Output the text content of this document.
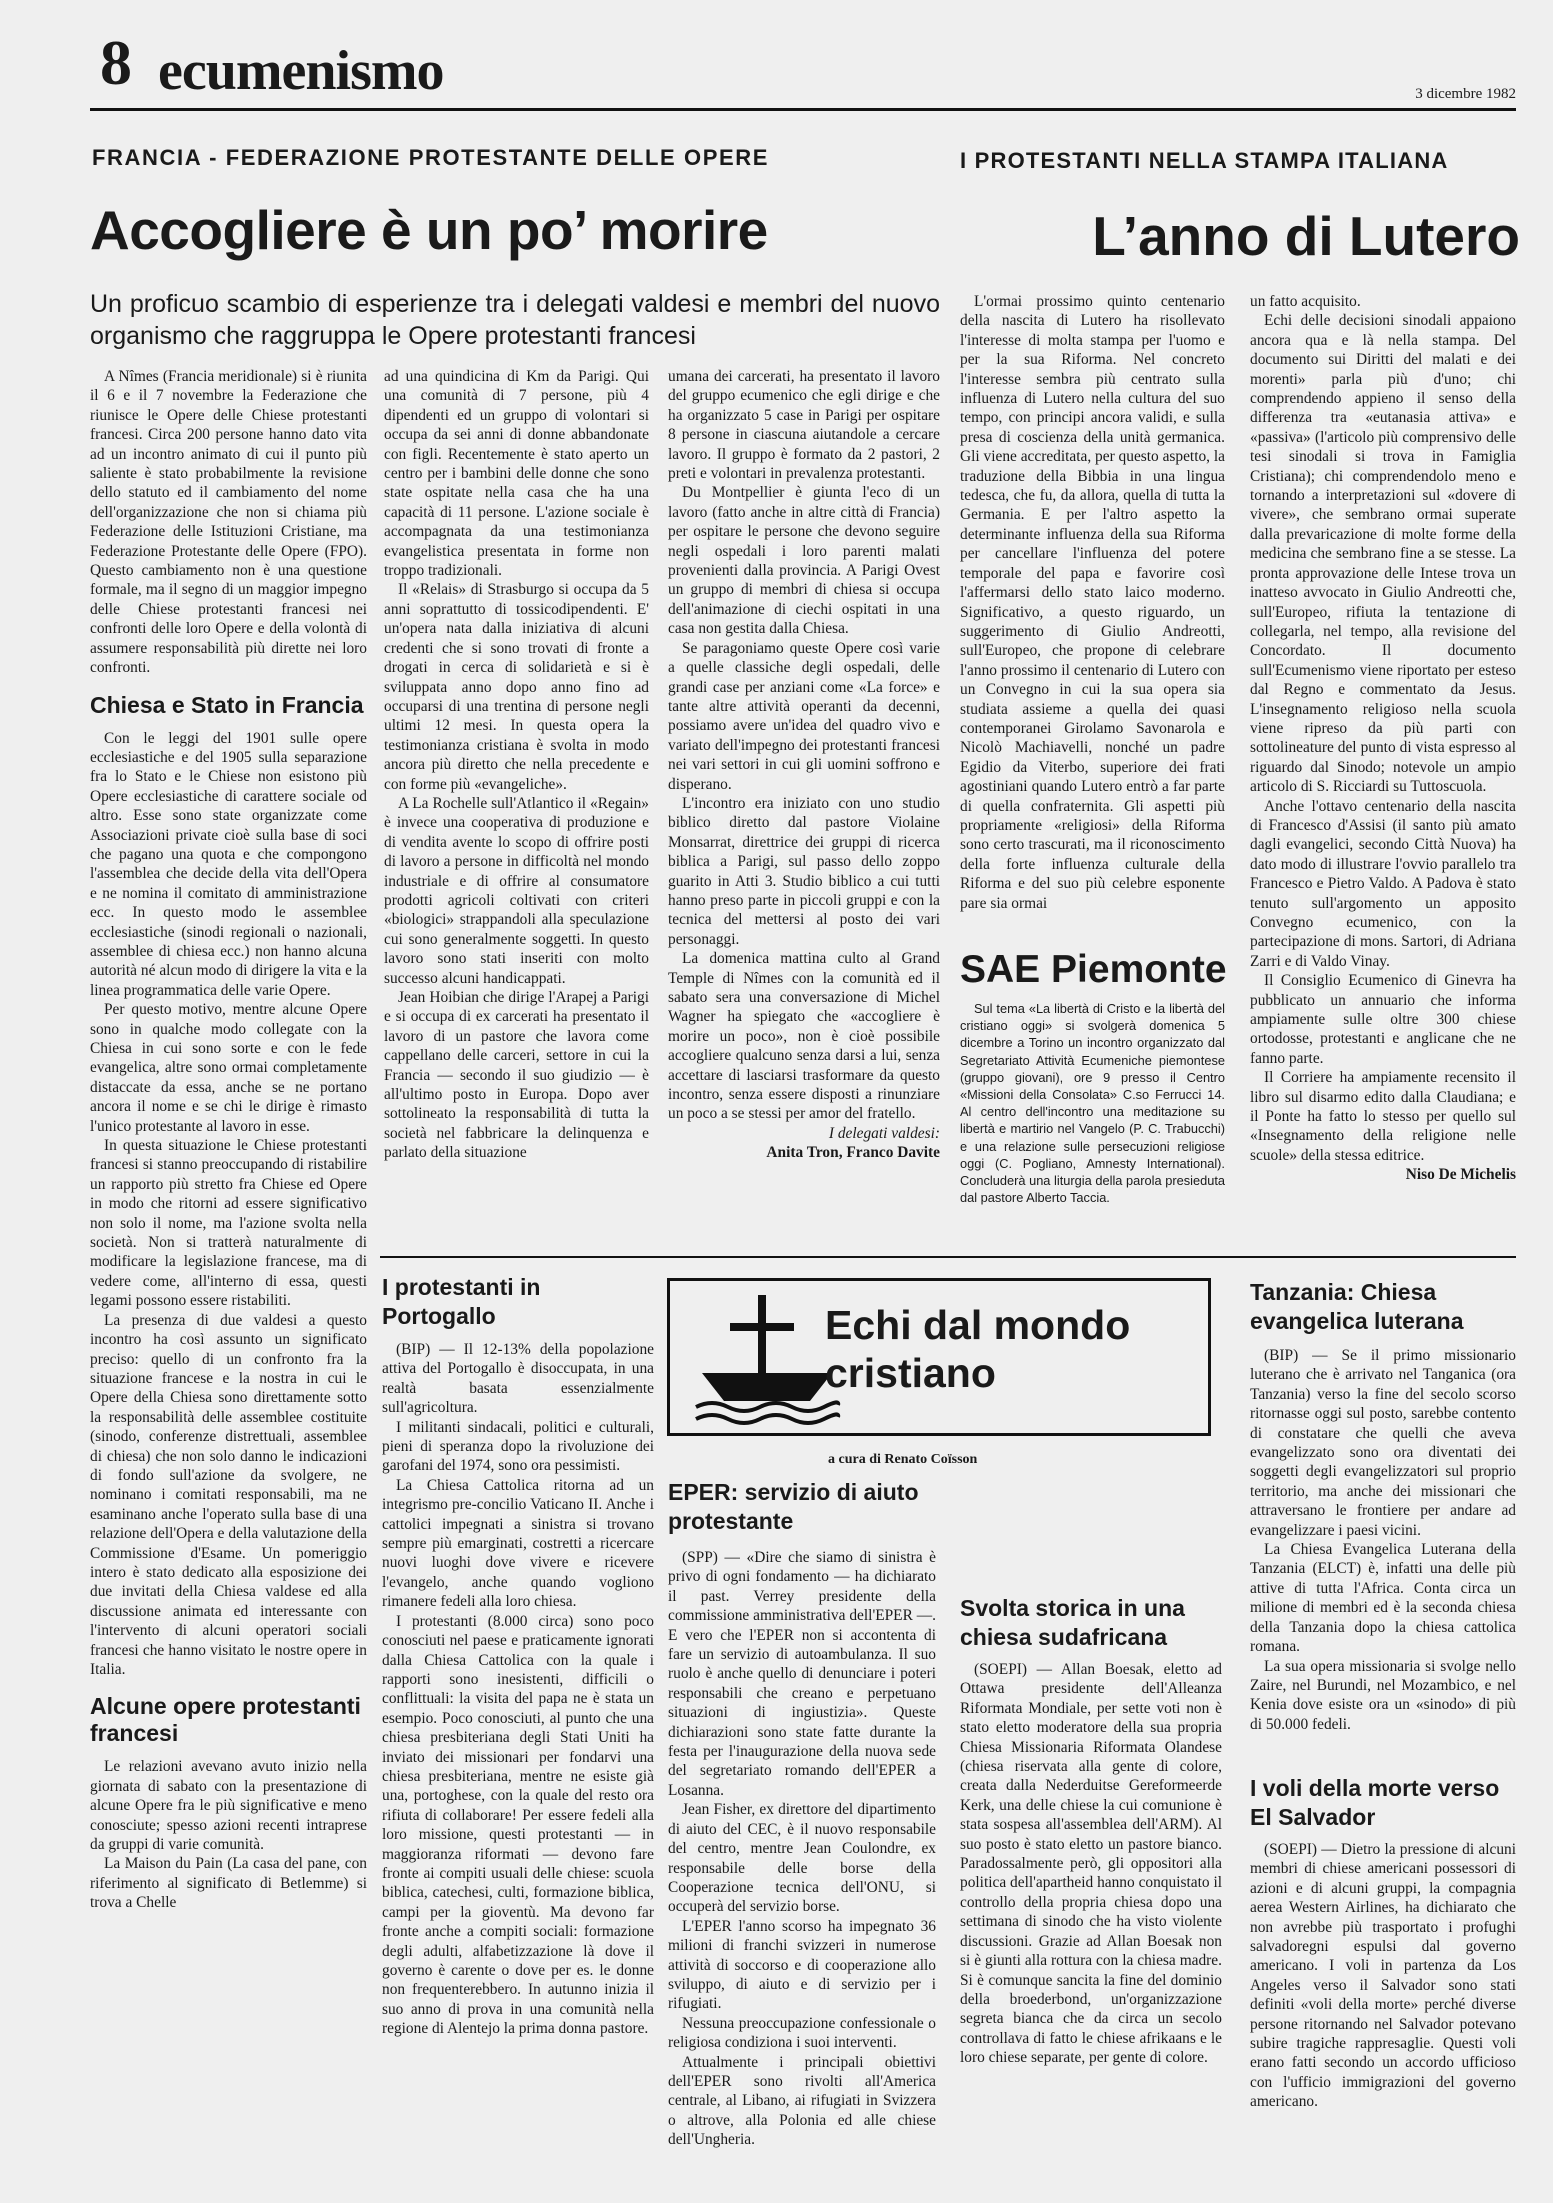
8 ecumenismo	3 dicembre 1982
FRANCIA - FEDERAZIONE PROTESTANTE DELLE OPERE
Accogliere è un po’ morire
Un proficuo scambio di esperienze tra i delegati valdesi e membri del nuovo organismo che raggruppa le Opere protestanti francesi
I PROTESTANTI NELLA STAMPA ITALIANA
L’anno di Lutero

A Nîmes (Francia meridionale) si è riunita il 6 e il 7 novembre la Federazione che riunisce le Opere delle Chiese protestanti francesi. Circa 200 persone hanno dato vita ad un incontro animato di cui il punto più saliente è stato probabilmente la revisione dello statuto ed il cambiamento del nome dell'organizzazione che non si chiama più Federazione delle Istituzioni Cristiane, ma Federazione Protestante delle Opere (FPO). Questo cambiamento non è una questione formale, ma il segno di un maggior impegno delle Chiese protestanti francesi nei confronti delle loro Opere e della volontà di assumere responsabilità più dirette nei loro confronti.

Chiesa e Stato in Francia

Con le leggi del 1901 sulle opere ecclesiastiche e del 1905 sulla separazione fra lo Stato e le Chiese non esistono più Opere ecclesiastiche di carattere sociale od altro. Esse sono state organizzate come Associazioni private cioè sulla base di soci che pagano una quota e che compongono l'assemblea che decide della vita dell'Opera e ne nomina il comitato di amministrazione ecc. In questo modo le assemblee ecclesiastiche (sinodi regionali o nazionali, assemblee di chiesa ecc.) non hanno alcuna autorità né alcun modo di dirigere la vita e la linea programmatica delle varie Opere.

Per questo motivo, mentre alcune Opere sono in qualche modo collegate con la Chiesa in cui sono sorte e con le fede evangelica, altre sono ormai completamente distaccate da essa, anche se ne portano ancora il nome e se chi le dirige è rimasto l'unico protestante al lavoro in esse.

In questa situazione le Chiese protestanti francesi si stanno preoccupando di ristabilire un rapporto più stretto fra Chiese ed Opere in modo che ritorni ad essere significativo non solo il nome, ma l'azione svolta nella società. Non si tratterà naturalmente di modificare la legislazione francese, ma di vedere come, all'interno di essa, questi legami possono essere ristabiliti.

La presenza di due valdesi a questo incontro ha così assunto un significato preciso: quello di un confronto fra la situazione francese e la nostra in cui le Opere della Chiesa sono direttamente sotto la responsabilità delle assemblee costituite (sinodo, conferenze distrettuali, assemblee di chiesa) che non solo danno le indicazioni di fondo sull'azione da svolgere, ne nominano i comitati responsabili, ma ne esaminano anche l'operato sulla base di una relazione dell'Opera e della valutazione della Commissione d'Esame. Un pomeriggio intero è stato dedicato alla esposizione dei due invitati della Chiesa valdese ed alla discussione animata ed interessante con l'intervento di alcuni operatori sociali francesi che hanno visitato le nostre opere in Italia.

Alcune opere protestanti francesi

Le relazioni avevano avuto inizio nella giornata di sabato con la presentazione di alcune Opere fra le più significative e meno conosciute; spesso azioni recenti intraprese da gruppi di varie comunità.

La Maison du Pain (La casa del pane, con riferimento al significato di Betlemme) si trova a Chelle

ad una quindicina di Km da Parigi. Qui una comunità di 7 persone, più 4 dipendenti ed un gruppo di volontari si occupa da sei anni di donne abbandonate con figli. Recentemente è stato aperto un centro per i bambini delle donne che sono state ospitate nella casa che ha una capacità di 11 persone. L'azione sociale è accompagnata da una testimonianza evangelistica presentata in forme non troppo tradizionali.

Il «Relais» di Strasburgo si occupa da 5 anni soprattutto di tossicodipendenti. E' un'opera nata dalla iniziativa di alcuni credenti che si sono trovati di fronte a drogati in cerca di solidarietà e si è sviluppata anno dopo anno fino ad occuparsi di una trentina di persone negli ultimi 12 mesi. In questa opera la testimonianza cristiana è svolta in modo ancora più diretto che nella precedente e con forme più «evangeliche».

A La Rochelle sull'Atlantico il «Regain» è invece una cooperativa di produzione e di vendita avente lo scopo di offrire posti di lavoro a persone in difficoltà nel mondo industriale e di offrire al consumatore prodotti agricoli coltivati con criteri «biologici» strappandoli alla speculazione cui sono generalmente soggetti. In questo lavoro sono stati inseriti con molto successo alcuni handicappati.

Jean Hoibian che dirige l'Arapej a Parigi e si occupa di ex carcerati ha presentato il lavoro di un pastore che lavora come cappellano delle carceri, settore in cui la Francia — secondo il suo giudizio — è all'ultimo posto in Europa. Dopo aver sottolineato la responsabilità di tutta la società nel fabbricare la delinquenza e parlato della situazione

umana dei carcerati, ha presentato il lavoro del gruppo ecumenico che egli dirige e che ha organizzato 5 case in Parigi per ospitare 8 persone in ciascuna aiutandole a cercare lavoro. Il gruppo è formato da 2 pastori, 2 preti e volontari in prevalenza protestanti.

Du Montpellier è giunta l'eco di un lavoro (fatto anche in altre città di Francia) per ospitare le persone che devono seguire negli ospedali i loro parenti malati provenienti dalla provincia. A Parigi Ovest un gruppo di membri di chiesa si occupa dell'animazione di ciechi ospitati in una casa non gestita dalla Chiesa.

Se paragoniamo queste Opere così varie a quelle classiche degli ospedali, delle grandi case per anziani come «La force» e tante altre attività operanti da decenni, possiamo avere un'idea del quadro vivo e variato dell'impegno dei protestanti francesi nei vari settori in cui gli uomini soffrono e disperano.

L'incontro era iniziato con uno studio biblico diretto dal pastore Violaine Monsarrat, direttrice dei gruppi di ricerca biblica a Parigi, sul passo dello zoppo guarito in Atti 3. Studio biblico a cui tutti hanno preso parte in piccoli gruppi e con la tecnica del mettersi al posto dei vari personaggi.

La domenica mattina culto al Grand Temple di Nîmes con la comunità ed il sabato sera una conversazione di Michel Wagner ha spiegato che «accogliere è morire un poco», non è cioè possibile accogliere qualcuno senza darsi a lui, senza accettare di lasciarsi trasformare da questo incontro, senza essere disposti a rinunziare un poco a se stessi per amor del fratello.

I delegati valdesi:

Anita Tron, Franco Davite

L'ormai prossimo quinto centenario della nascita di Lutero ha risollevato l'interesse di molta stampa per l'uomo e per la sua Riforma. Nel concreto l'interesse sembra più centrato sulla influenza di Lutero nella cultura del suo tempo, con principi ancora validi, e sulla presa di coscienza della unità germanica. Gli viene accreditata, per questo aspetto, la traduzione della Bibbia in una lingua tedesca, che fu, da allora, quella di tutta la Germania. E per l'altro aspetto la determinante influenza della sua Riforma per cancellare l'influenza del potere temporale del papa e favorire così l'affermarsi dello stato laico moderno. Significativo, a questo riguardo, un suggerimento di Giulio Andreotti, sull'Europeo, che propone di celebrare l'anno prossimo il centenario di Lutero con un Convegno in cui la sua opera sia studiata assieme a quella dei quasi contemporanei Girolamo Savonarola e Nicolò Machiavelli, nonché un padre Egidio da Viterbo, superiore dei frati agostiniani quando Lutero entrò a far parte di quella confraternita. Gli aspetti più propriamente «religiosi» della Riforma sono certo trascurati, ma il riconoscimento della forte influenza culturale della Riforma e del suo più celebre esponente pare sia ormai

un fatto acquisito.

Echi delle decisioni sinodali appaiono ancora qua e là nella stampa. Del documento sui Diritti del malati e dei morenti» parla più d'uno; chi comprendendo appieno il senso della differenza tra «eutanasia attiva» e «passiva» (l'articolo più comprensivo delle tesi sinodali si trova in Famiglia Cristiana); chi comprendendolo meno e tornando a interpretazioni sul «dovere di vivere», che sembrano ormai superate dalla prevaricazione di molte forme della medicina che sembrano fine a se stesse. La pronta approvazione delle Intese trova un inatteso avvocato in Giulio Andreotti che, sull'Europeo, rifiuta la tentazione di collegarla, nel tempo, alla revisione del Concordato. Il documento sull'Ecumenismo viene riportato per esteso dal Regno e commentato da Jesus. L'insegnamento religioso nella scuola viene ripreso da più parti con sottolineature del punto di vista espresso al riguardo dal Sinodo; notevole un ampio articolo di S. Ricciardi su Tuttoscuola.

Anche l'ottavo centenario della nascita di Francesco d'Assisi (il santo più amato dagli evangelici, secondo Città Nuova) ha dato modo di illustrare l'ovvio parallelo tra Francesco e Pietro Valdo. A Padova è stato tenuto sull'argomento un apposito Convegno ecumenico, con la partecipazione di mons. Sartori, di Adriana Zarri e di Valdo Vinay.

Il Consiglio Ecumenico di Ginevra ha pubblicato un annuario che informa ampiamente sulle oltre 300 chiese ortodosse, protestanti e anglicane che ne fanno parte.

Il Corriere ha ampiamente recensito il libro sul disarmo edito dalla Claudiana; e il Ponte ha fatto lo stesso per quello sul «Insegnamento della religione nelle scuole» della stessa editrice.

Niso De Michelis

SAE Piemonte

Sul tema «La libertà di Cristo e la libertà del cristiano oggi» si svolgerà domenica 5 dicembre a Torino un incontro organizzato dal Segretariato Attività Ecumeniche piemontese (gruppo giovani), ore 9 presso il Centro «Missioni della Consolata» C.so Ferrucci 14. Al centro dell'incontro una meditazione su libertà e martirio nel Vangelo (P. C. Trabucchi) e una relazione sulle persecuzioni religiose oggi (C. Pogliano, Amnesty International). Concluderà una liturgia della parola presieduta dal pastore Alberto Taccia.

I protestanti in Portogallo

(BIP) — Il 12-13% della popolazione attiva del Portogallo è disoccupata, in una realtà basata essenzialmente sull'agricoltura.

I militanti sindacali, politici e culturali, pieni di speranza dopo la rivoluzione dei garofani del 1974, sono ora pessimisti.

La Chiesa Cattolica ritorna ad un integrismo pre-concilio Vaticano II. Anche i cattolici impegnati a sinistra si trovano sempre più emarginati, costretti a ricercare nuovi luoghi dove vivere e ricevere l'evangelo, anche quando vogliono rimanere fedeli alla loro chiesa.

I protestanti (8.000 circa) sono poco conosciuti nel paese e praticamente ignorati dalla Chiesa Cattolica con la quale i rapporti sono inesistenti, difficili o conflittuali: la visita del papa ne è stata un esempio. Poco conosciuti, al punto che una chiesa presbiteriana degli Stati Uniti ha inviato dei missionari per fondarvi una chiesa presbiteriana, mentre ne esiste già una, portoghese, con la quale del resto ora rifiuta di collaborare! Per essere fedeli alla loro missione, questi protestanti — in maggioranza riformati — devono fare fronte ai compiti usuali delle chiese: scuola biblica, catechesi, culti, formazione biblica, campi per la gioventù. Ma devono far fronte anche a compiti sociali: formazione degli adulti, alfabetizzazione là dove il governo è carente o dove per es. le donne non frequenterebbero. In autunno inizia il suo anno di prova in una comunità nella regione di Alentejo la prima donna pastore.

Echi dal mondo
cristiano
a cura di Renato Coïsson
EPER: servizio di aiuto protestante

(SPP) — «Dire che siamo di sinistra è privo di ogni fondamento — ha dichiarato il past. Verrey presidente della commissione amministrativa dell'EPER —. E vero che l'EPER non si accontenta di fare un servizio di autoambulanza. Il suo ruolo è anche quello di denunciare i poteri responsabili che creano e perpetuano situazioni di ingiustizia». Queste dichiarazioni sono state fatte durante la festa per l'inaugurazione della nuova sede del segretariato romando dell'EPER a Losanna.

Jean Fisher, ex direttore del dipartimento di aiuto del CEC, è il nuovo responsabile del centro, mentre Jean Coulondre, ex responsabile delle borse della Cooperazione tecnica dell'ONU, si occuperà del servizio borse.

L'EPER l'anno scorso ha impegnato 36 milioni di franchi svizzeri in numerose attività di soccorso e di cooperazione allo sviluppo, di aiuto e di servizio per i rifugiati.

Nessuna preoccupazione confessionale o religiosa condiziona i suoi interventi.

Attualmente i principali obiettivi dell'EPER sono rivolti all'America centrale, al Libano, ai rifugiati in Svizzera o altrove, alla Polonia ed alle chiese dell'Ungheria.

Svolta storica in una chiesa sudafricana

(SOEPI) — Allan Boesak, eletto ad Ottawa presidente dell'Alleanza Riformata Mondiale, per sette voti non è stato eletto moderatore della sua propria Chiesa Missionaria Riformata Olandese (chiesa riservata alla gente di colore, creata dalla Nederduitse Gereformeerde Kerk, una delle chiese la cui comunione è stata sospesa all'assemblea dell'ARM). Al suo posto è stato eletto un pastore bianco. Paradossalmente però, gli oppositori alla politica dell'apartheid hanno conquistato il controllo della propria chiesa dopo una settimana di sinodo che ha visto violente discussioni. Grazie ad Allan Boesak non si è giunti alla rottura con la chiesa madre. Si è comunque sancita la fine del dominio della broederbond, un'organizzazione segreta bianca che da circa un secolo controllava di fatto le chiese afrikaans e le loro chiese separate, per gente di colore.

Tanzania: Chiesa evangelica luterana

(BIP) — Se il primo missionario luterano che è arrivato nel Tanganica (ora Tanzania) verso la fine del secolo scorso ritornasse oggi sul posto, sarebbe contento di constatare che quelli che aveva evangelizzato sono ora diventati dei soggetti degli evangelizzatori sul proprio territorio, ma anche dei missionari che attraversano le frontiere per andare ad evangelizzare i paesi vicini.

La Chiesa Evangelica Luterana della Tanzania (ELCT) è, infatti una delle più attive di tutta l'Africa. Conta circa un milione di membri ed è la seconda chiesa della Tanzania dopo la chiesa cattolica romana.

La sua opera missionaria si svolge nello Zaire, nel Burundi, nel Mozambico, e nel Kenia dove esiste ora un «sinodo» di più di 50.000 fedeli.

I voli della morte verso El Salvador

(SOEPI) — Dietro la pressione di alcuni membri di chiese americani possessori di azioni e di alcuni gruppi, la compagnia aerea Western Airlines, ha dichiarato che non avrebbe più trasportato i profughi salvadoregni espulsi dal governo americano. I voli in partenza da Los Angeles verso il Salvador sono stati definiti «voli della morte» perché diverse persone ritornando nel Salvador potevano subire tragiche rappresaglie. Questi voli erano fatti secondo un accordo ufficioso con l'ufficio immigrazioni del governo americano.
